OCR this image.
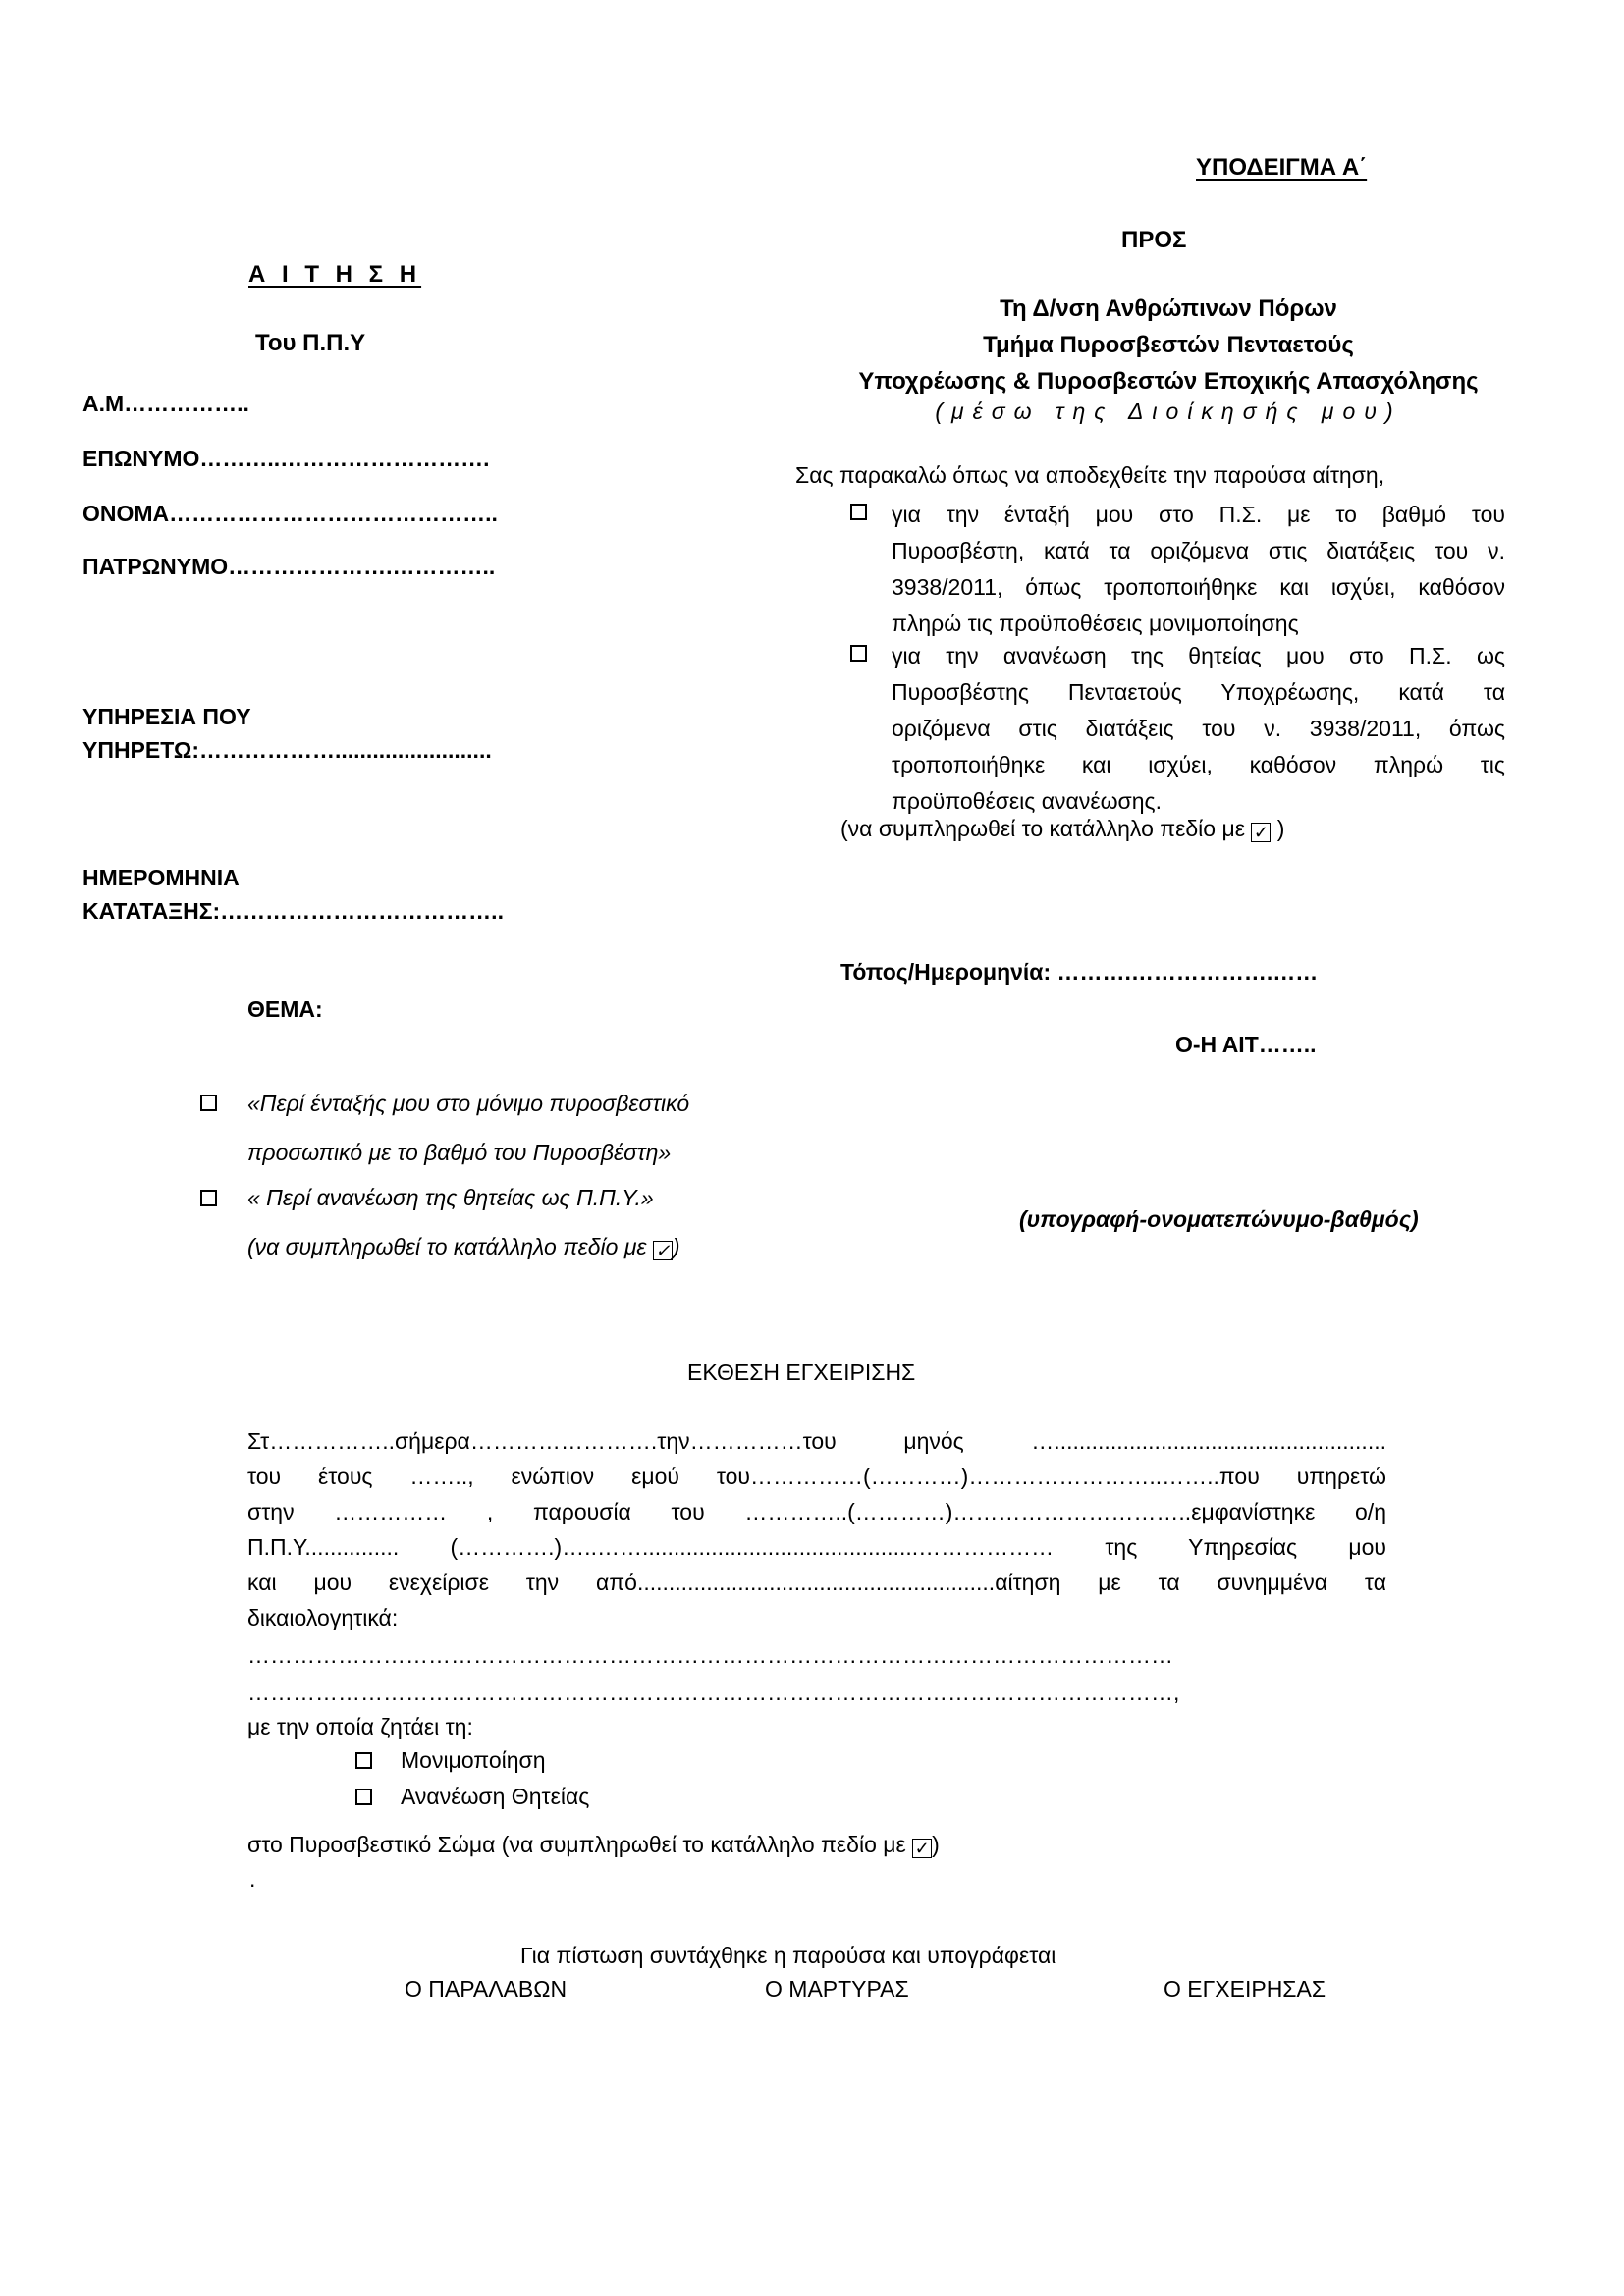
ΥΠΟΔΕΙΓΜΑ Α΄
ΠΡΟΣ
Τη Δ/νση Ανθρώπινων Πόρων
Τμήμα Πυροσβεστών Πενταετούς
Υποχρέωσης & Πυροσβεστών Εποχικής Απασχόλησης
(μέσω της Διοίκησής μου)
Α Ι Τ Η Σ Η
Του Π.Π.Υ
Α.Μ……………..
ΕΠΩΝΥΜΟ………..……………………….
ΟΝΟΜΑ……………………………………..
ΠΑΤΡΩΝΥΜΟ………………….…………..
ΥΠΗΡΕΣΙΑ ΠΟΥ
ΥΠΗΡΕΤΩ:……………….........................
ΗΜΕΡΟΜΗΝΙΑ
ΚΑΤΑΤΑΞΗΣ:………………………………..
ΘΕΜΑ:
«Περί ένταξής μου στο μόνιμο πυροσβεστικό
προσωπικό με το βαθμό του Πυροσβέστη»
« Περί ανανέωση της θητείας ως Π.Π.Υ.»
(να συμπληρωθεί το κατάλληλο πεδίο με ✓ )
Σας παρακαλώ όπως να αποδεχθείτε την παρούσα αίτηση,
για την ένταξή μου στο Π.Σ. με το βαθμό του
Πυροσβέστη, κατά τα οριζόμενα στις διατάξεις του ν.
3938/2011, όπως τροποποιήθηκε και ισχύει, καθόσον
πληρώ τις προϋποθέσεις μονιμοποίησης
για την ανανέωση της θητείας μου στο Π.Σ. ως
Πυροσβέστης Πενταετούς Υποχρέωσης, κατά τα
οριζόμενα στις διατάξεις του ν. 3938/2011, όπως
τροποποιήθηκε και ισχύει, καθόσον πληρώ τις
προϋποθέσεις ανανέωσης.
(να συμπληρωθεί το κατάλληλο πεδίο με ✓ )
Τόπος/Ημερομηνία: ……….……………….……
Ο-Η ΑΙΤ……..
(υπογραφή-ονοματεπώνυμο-βαθμός)
ΕΚΘΕΣΗ ΕΓΧΕΙΡΙΣΗΣ
Στ……………..σήμερα…………………….την……………του μηνός ….....................................................
του έτους …….., ενώπιον εμού του……………(…………)……………………..……..που υπηρετώ
στην …………… , παρουσία του …………..(…………)…………………………..εμφανίστηκε ο/η
Π.Π.Υ............... (………….)…..……............................................……………… της Υπηρεσίας μου
και μου ενεχείρισε την από.........................................................αίτηση με τα συνημμένα τα
δικαιολογητικά:
……………………………………………………………………………………………………………
……………………………………………………………………………………………………………,
με την οποία ζητάει τη:
Μονιμοποίηση
Ανανέωση Θητείας
στο Πυροσβεστικό Σώμα (να συμπληρωθεί το κατάλληλο πεδίο με ✓ )
.
Για πίστωση συντάχθηκε η παρούσα και υπογράφεται
Ο ΠΑΡΑΛΑΒΩΝ	Ο ΜΑΡΤΥΡΑΣ	Ο ΕΓΧΕΙΡΗΣΑΣ
